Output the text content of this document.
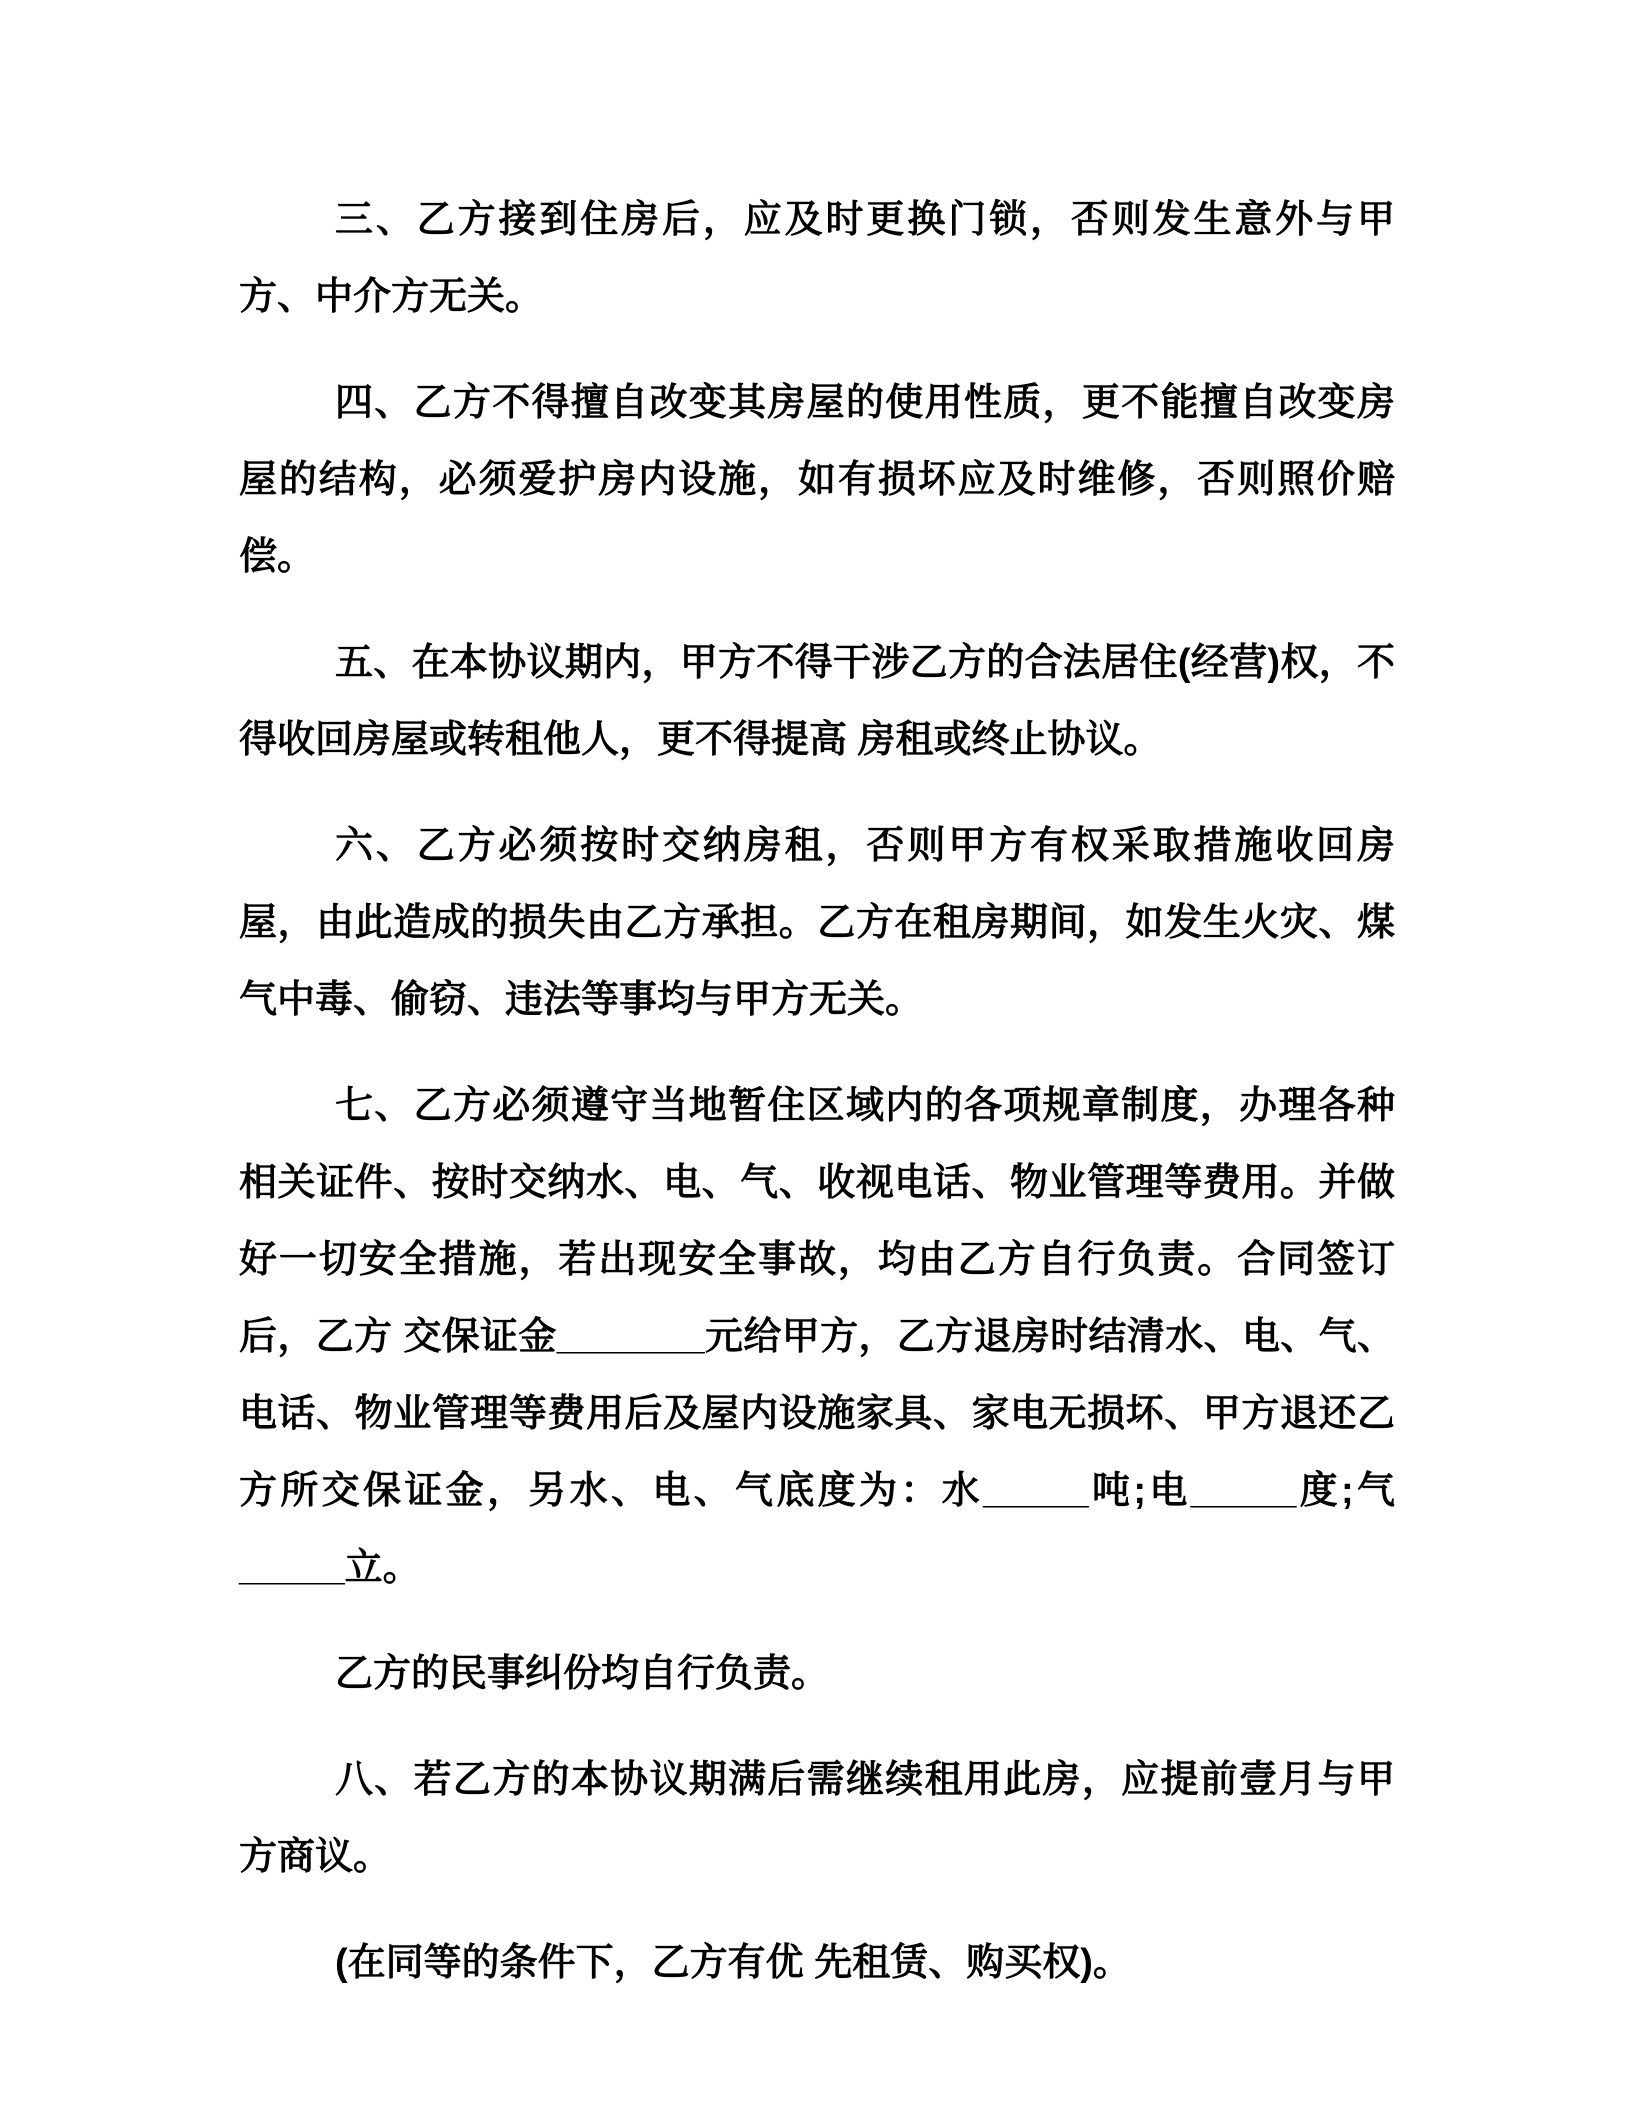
三、乙方接到住房后，应及时更换门锁，否则发生意外与甲方、中介方无关。

四、乙方不得擅自改变其房屋的使用性质，更不能擅自改变房屋的结构，必须爱护房内设施，如有损坏应及时维修，否则照价赔偿。

五、在本协议期内，甲方不得干涉乙方的合法居住(经营)权，不得收回房屋或转租他人，更不得提高 房租或终止协议。

六、乙方必须按时交纳房租，否则甲方有权采取措施收回房屋，由此造成的损失由乙方承担。乙方在租房期间，如发生火灾、煤气中毒、偷窃、违法等事均与甲方无关。

七、乙方必须遵守当地暂住区域内的各项规章制度，办理各种相关证件、按时交纳水、电、气、收视电话、物业管理等费用。并做好一切安全措施，若出现安全事故，均由乙方自行负责。合同签订后，乙方 交保证金_______元给甲方，乙方退房时结清水、电、气、电话、物业管理等费用后及屋内设施家具、家电无损坏、甲方退还乙方所交保证金，另水、电、气底度为：水_____吨;电_____度;气_____立。

乙方的民事纠份均自行负责。

八、若乙方的本协议期满后需继续租用此房，应提前壹月与甲方商议。

(在同等的条件下，乙方有优 先租赁、购买权)。
